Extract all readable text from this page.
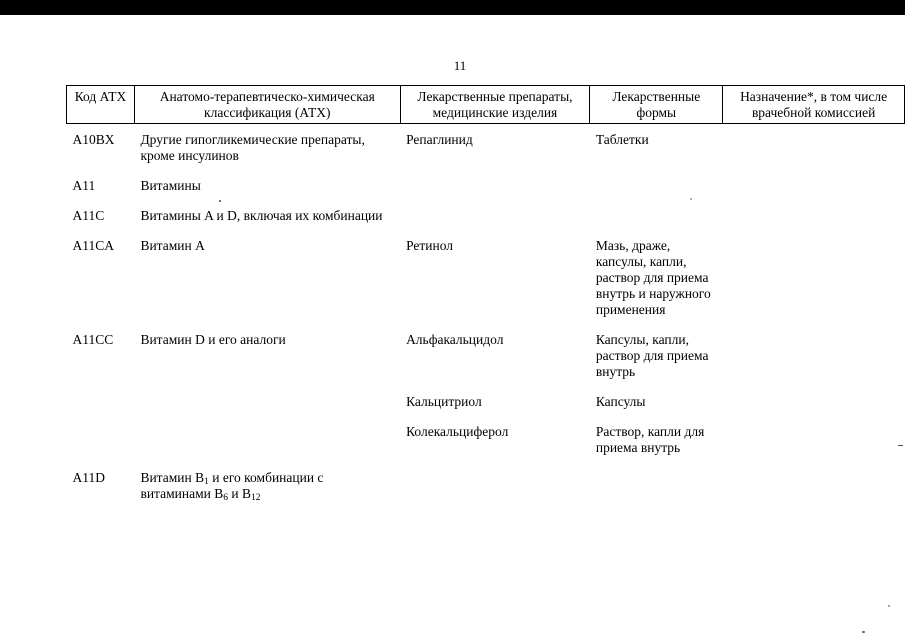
11
Код АТХ	Анатомо-терапевтическо-химическая классификация (АТХ)	Лекарственные препараты, медицинские изделия	Лекарственные формы	Назначение*, в том числе врачебной комиссией
A10BX	Другие гипогликемические препараты, кроме инсулинов	Репаглинид	Таблетки	
A11	Витамины			
A11C	Витамины A и D, включая их комбинации			
A11CA	Витамин A	Ретинол	Мазь, драже, капсулы, капли, раствор для приема внутрь и наружного применения	
A11CC	Витамин D и его аналоги	Альфакальцидол	Капсулы, капли, раствор для приема внутрь	
		Кальцитриол	Капсулы	
		Колекальциферол	Раствор, капли для приема внутрь	
A11D	Витамин $B_1$ и его комбинации с витаминами $B_6$ и $B_{12}$			
